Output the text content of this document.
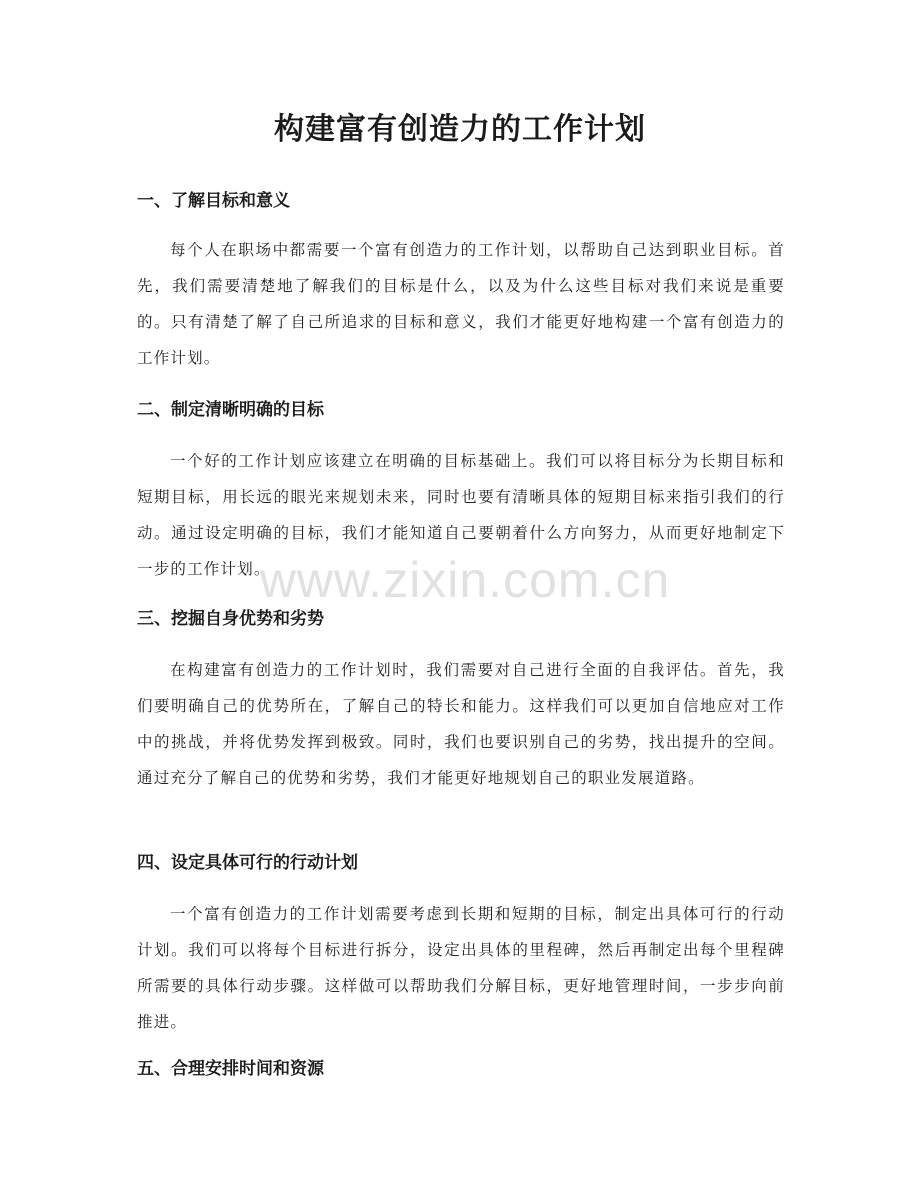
构建富有创造力的工作计划
一、了解目标和意义

每个人在职场中都需要一个富有创造力的工作计划，以帮助自己达到职业目标。首先，我们需要清楚地了解我们的目标是什么，以及为什么这些目标对我们来说是重要的。只有清楚了解了自己所追求的目标和意义，我们才能更好地构建一个富有创造力的工作计划。

二、制定清晰明确的目标

一个好的工作计划应该建立在明确的目标基础上。我们可以将目标分为长期目标和短期目标，用长远的眼光来规划未来，同时也要有清晰具体的短期目标来指引我们的行动。通过设定明确的目标，我们才能知道自己要朝着什么方向努力，从而更好地制定下一步的工作计划。

三、挖掘自身优势和劣势

在构建富有创造力的工作计划时，我们需要对自己进行全面的自我评估。首先，我们要明确自己的优势所在，了解自己的特长和能力。这样我们可以更加自信地应对工作中的挑战，并将优势发挥到极致。同时，我们也要识别自己的劣势，找出提升的空间。通过充分了解自己的优势和劣势，我们才能更好地规划自己的职业发展道路。

四、设定具体可行的行动计划

一个富有创造力的工作计划需要考虑到长期和短期的目标，制定出具体可行的行动计划。我们可以将每个目标进行拆分，设定出具体的里程碑，然后再制定出每个里程碑所需要的具体行动步骤。这样做可以帮助我们分解目标，更好地管理时间，一步步向前推进。

五、合理安排时间和资源
www.zixin.com.cn
